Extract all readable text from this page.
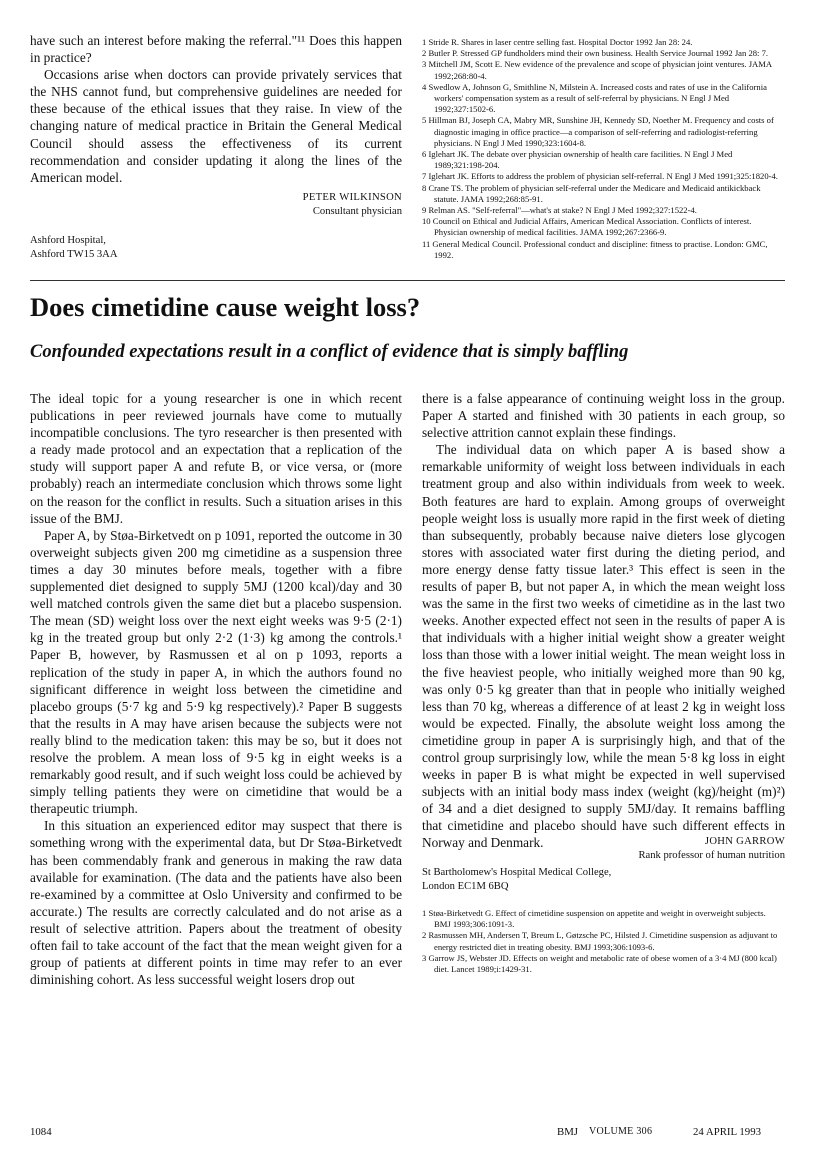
have such an interest before making the referral."¹¹ Does this happen in practice?

Occasions arise when doctors can provide privately services that the NHS cannot fund, but comprehensive guidelines are needed for these because of the ethical issues that they raise. In view of the changing nature of medical practice in Britain the General Medical Council should assess the effectiveness of its current recommendation and consider updating it along the lines of the American model.

PETER WILKINSON
Consultant physician
Ashford Hospital,
Ashford TW15 3AA
1 Stride R. Shares in laser centre selling fast. Hospital Doctor 1992 Jan 28: 24.
2 Butler P. Stressed GP fundholders mind their own business. Health Service Journal 1992 Jan 28: 7.
3 Mitchell JM, Scott E. New evidence of the prevalence and scope of physician joint ventures. JAMA 1992;268:80-4.
4 Swedlow A, Johnson G, Smithline N, Milstein A. Increased costs and rates of use in the California workers' compensation system as a result of self-referral by physicians. N Engl J Med 1992;327:1502-6.
5 Hillman BJ, Joseph CA, Mabry MR, Sunshine JH, Kennedy SD, Noether M. Frequency and costs of diagnostic imaging in office practice—a comparison of self-referring and radiologist-referring physicians. N Engl J Med 1990;323:1604-8.
6 Iglehart JK. The debate over physician ownership of health care facilities. N Engl J Med 1989;321:198-204.
7 Iglehart JK. Efforts to address the problem of physician self-referral. N Engl J Med 1991;325:1820-4.
8 Crane TS. The problem of physician self-referral under the Medicare and Medicaid antikickback statute. JAMA 1992;268:85-91.
9 Relman AS. "Self-referral"—what's at stake? N Engl J Med 1992;327:1522-4.
10 Council on Ethical and Judicial Affairs, American Medical Association. Conflicts of interest. Physician ownership of medical facilities. JAMA 1992;267:2366-9.
11 General Medical Council. Professional conduct and discipline: fitness to practise. London: GMC, 1992.
Does cimetidine cause weight loss?
Confounded expectations result in a conflict of evidence that is simply baffling

The ideal topic for a young researcher is one in which recent publications in peer reviewed journals have come to mutually incompatible conclusions. The tyro researcher is then presented with a ready made protocol and an expectation that a replication of the study will support paper A and refute B, or vice versa, or (more probably) reach an intermediate conclusion which throws some light on the reason for the conflict in results. Such a situation arises in this issue of the BMJ.

Paper A, by Støa-Birketvedt on p 1091, reported the outcome in 30 overweight subjects given 200 mg cimetidine as a suspension three times a day 30 minutes before meals, together with a fibre supplemented diet designed to supply 5MJ (1200 kcal)/day and 30 well matched controls given the same diet but a placebo suspension. The mean (SD) weight loss over the next eight weeks was 9·5 (2·1) kg in the treated group but only 2·2 (1·3) kg among the controls.¹ Paper B, however, by Rasmussen et al on p 1093, reports a replication of the study in paper A, in which the authors found no significant difference in weight loss between the cimetidine and placebo groups (5·7 kg and 5·9 kg respectively).² Paper B suggests that the results in A may have arisen because the subjects were not really blind to the medication taken: this may be so, but it does not resolve the problem. A mean loss of 9·5 kg in eight weeks is a remarkably good result, and if such weight loss could be achieved by simply telling patients they were on cimetidine that would be a therapeutic triumph.

In this situation an experienced editor may suspect that there is something wrong with the experimental data, but Dr Støa-Birketvedt has been commendably frank and generous in making the raw data available for examination. (The data and the patients have also been re-examined by a committee at Oslo University and confirmed to be accurate.) The results are correctly calculated and do not arise as a result of selective attrition. Papers about the treatment of obesity often fail to take account of the fact that the mean weight given for a group of patients at different points in time may refer to an ever diminishing cohort. As less successful weight losers drop out

there is a false appearance of continuing weight loss in the group. Paper A started and finished with 30 patients in each group, so selective attrition cannot explain these findings.

The individual data on which paper A is based show a remarkable uniformity of weight loss between individuals in each treatment group and also within individuals from week to week. Both features are hard to explain. Among groups of overweight people weight loss is usually more rapid in the first week of dieting than subsequently, probably because naive dieters lose glycogen stores with associated water first during the dieting period, and more energy dense fatty tissue later.³ This effect is seen in the results of paper B, but not paper A, in which the mean weight loss was the same in the first two weeks of cimetidine as in the last two weeks. Another expected effect not seen in the results of paper A is that individuals with a higher initial weight show a greater weight loss than those with a lower initial weight. The mean weight loss in the five heaviest people, who initially weighed more than 90 kg, was only 0·5 kg greater than that in people who initially weighed less than 70 kg, whereas a difference of at least 2 kg in weight loss would be expected. Finally, the absolute weight loss among the cimetidine group in paper A is surprisingly high, and that of the control group surprisingly low, while the mean 5·8 kg loss in eight weeks in paper B is what might be expected in well supervised subjects with an initial body mass index (weight (kg)/height (m)²) of 34 and a diet designed to supply 5MJ/day. It remains baffling that cimetidine and placebo should have such different effects in Norway and Denmark.	JOHN GARROW
Rank professor of human nutrition
St Bartholomew's Hospital Medical College,
London EC1M 6BQ
1 Støa-Birketvedt G. Effect of cimetidine suspension on appetite and weight in overweight subjects. BMJ 1993;306:1091-3.
2 Rasmussen MH, Andersen T, Breum L, Gøtzsche PC, Hilsted J. Cimetidine suspension as adjuvant to energy restricted diet in treating obesity. BMJ 1993;306:1093-6.
3 Garrow JS, Webster JD. Effects on weight and metabolic rate of obese women of a 3·4 MJ (800 kcal) diet. Lancet 1989;i:1429-31.
1084	BMJ VOLUME 306	24 APRIL 1993
